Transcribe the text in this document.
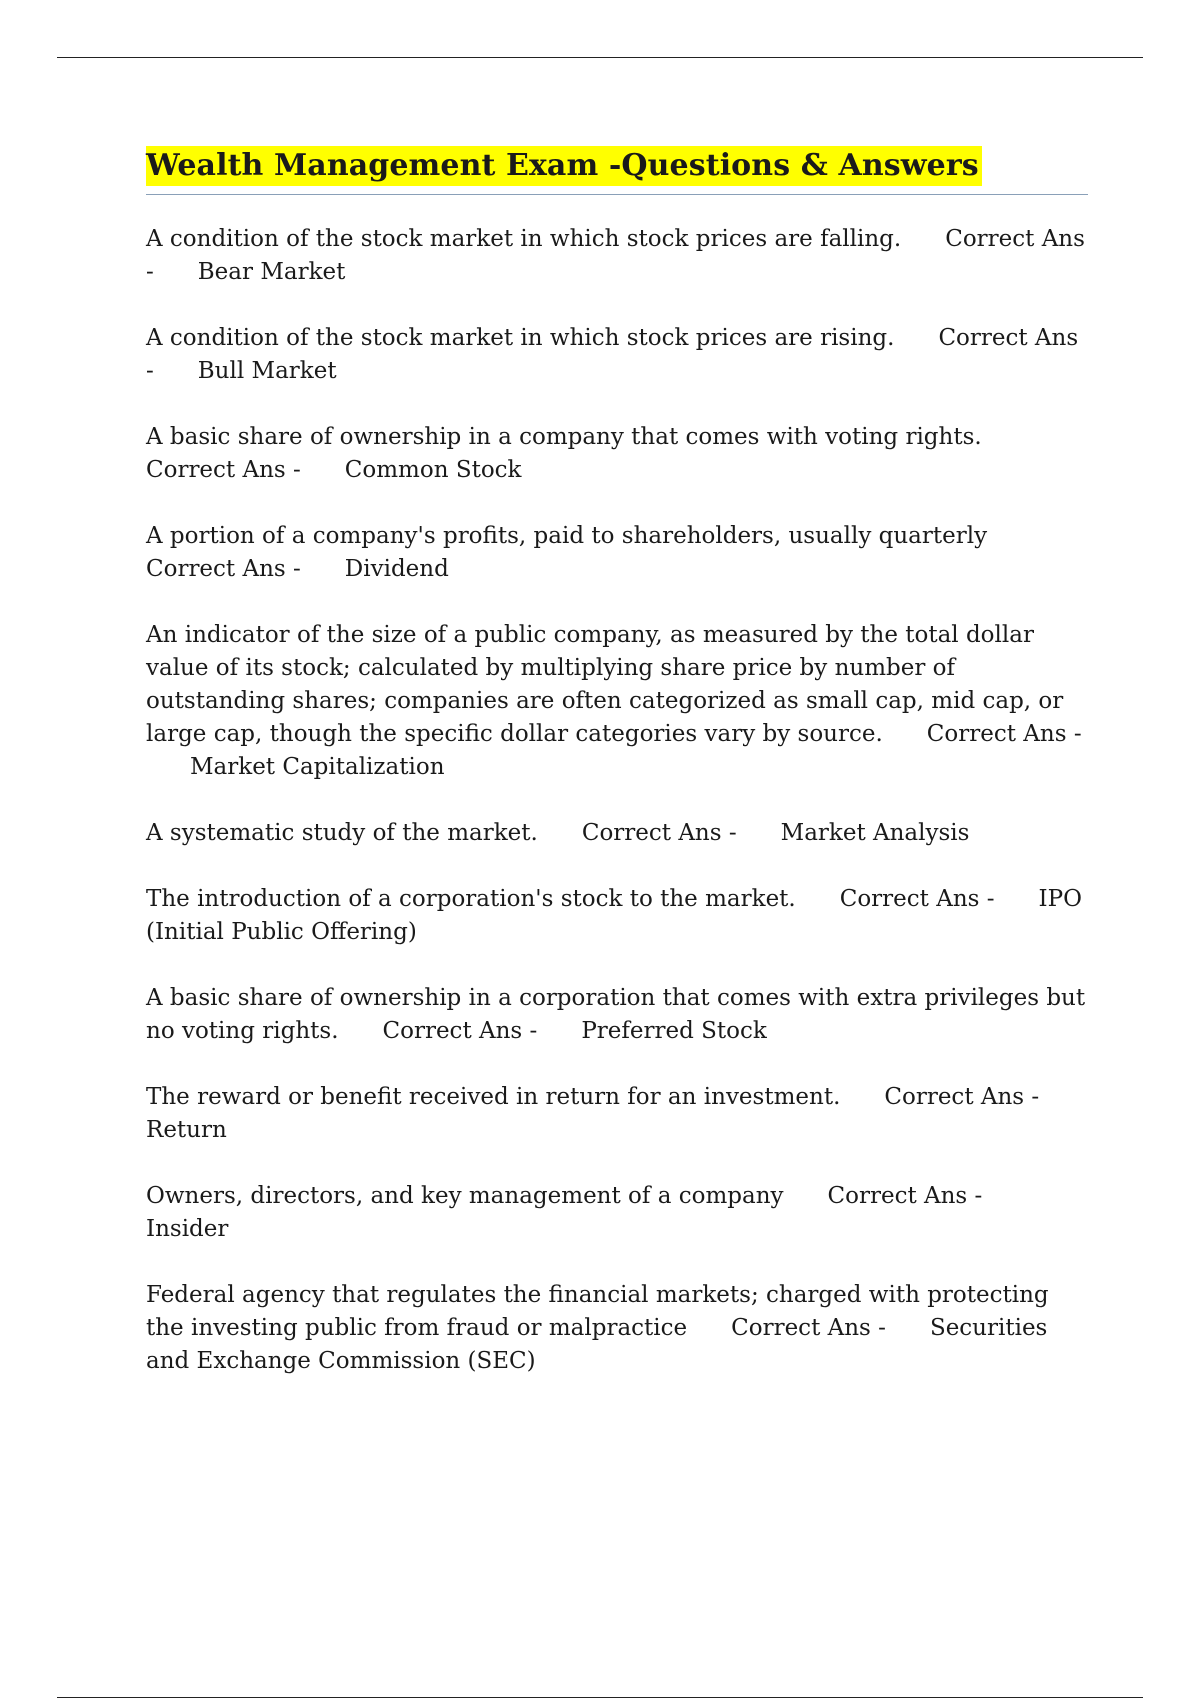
Wealth Management Exam -Questions & Answers
A condition of the stock market in which stock prices are falling. Correct Ans - Bear Market
A condition of the stock market in which stock prices are rising. Correct Ans - Bull Market
A basic share of ownership in a company that comes with voting rights.Correct Ans - Common Stock
A portion of a company's profits, paid to shareholders, usually quarterlyCorrect Ans - Dividend
An indicator of the size of a public company, as measured by the total dollar value of its stock; calculated by multiplying share price by number of outstanding shares; companies are often categorized as small cap, mid cap, or large cap, though the specific dollar categories vary by source. Correct Ans -Market Capitalization
A systematic study of the market. Correct Ans - Market Analysis
The introduction of a corporation's stock to the market. Correct Ans - IPO (Initial Public Offering)
A basic share of ownership in a corporation that comes with extra privileges but no voting rights. Correct Ans - Preferred Stock
The reward or benefit received in return for an investment. Correct Ans -Return
Owners, directors, and key management of a company Correct Ans -Insider
Federal agency that regulates the financial markets; charged with protecting the investing public from fraud or malpractice Correct Ans - Securities and Exchange Commission (SEC)
